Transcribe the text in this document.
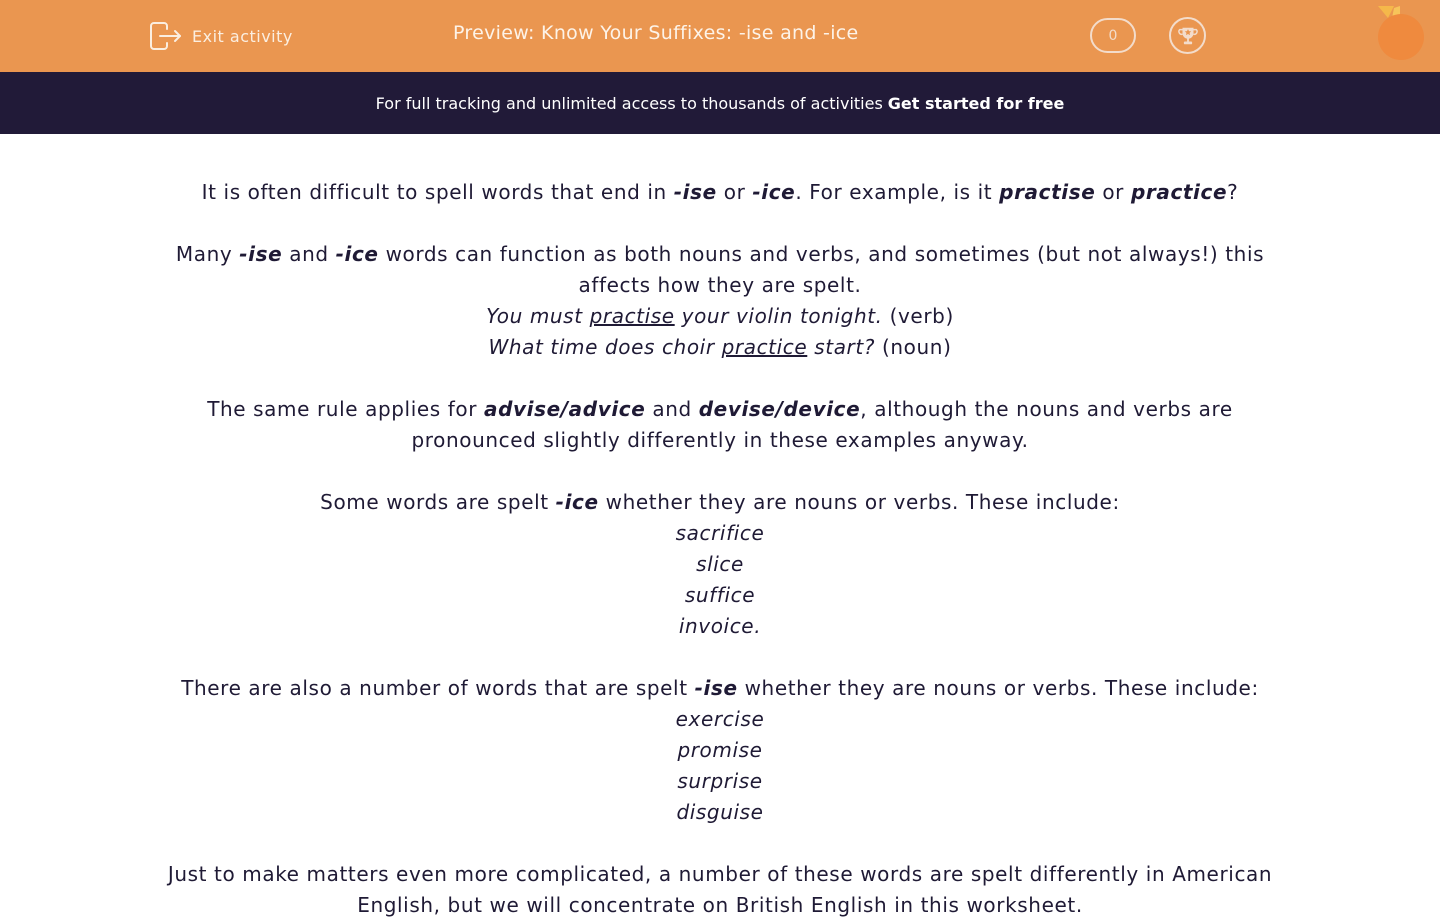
Exit activity	Preview: Know Your Suffixes: -ise and -ice	0
For full tracking and unlimited access to thousands of activities Get started for free

It is often difficult to spell words that end in -ise or -ice. For example, is it practise or practice?

Many -ise and -ice words can function as both nouns and verbs, and sometimes (but not always!) this affects how they are spelt.

You must practise your violin tonight. (verb)

What time does choir practice start? (noun)

The same rule applies for advise/advice and devise/device, although the nouns and verbs are pronounced slightly differently in these examples anyway.

Some words are spelt -ice whether they are nouns or verbs. These include:

sacrifice

slice

suffice

invoice.

There are also a number of words that are spelt -ise whether they are nouns or verbs. These include:

exercise

promise

surprise

disguise

Just to make matters even more complicated, a number of these words are spelt differently in American

English, but we will concentrate on British English in this worksheet.
